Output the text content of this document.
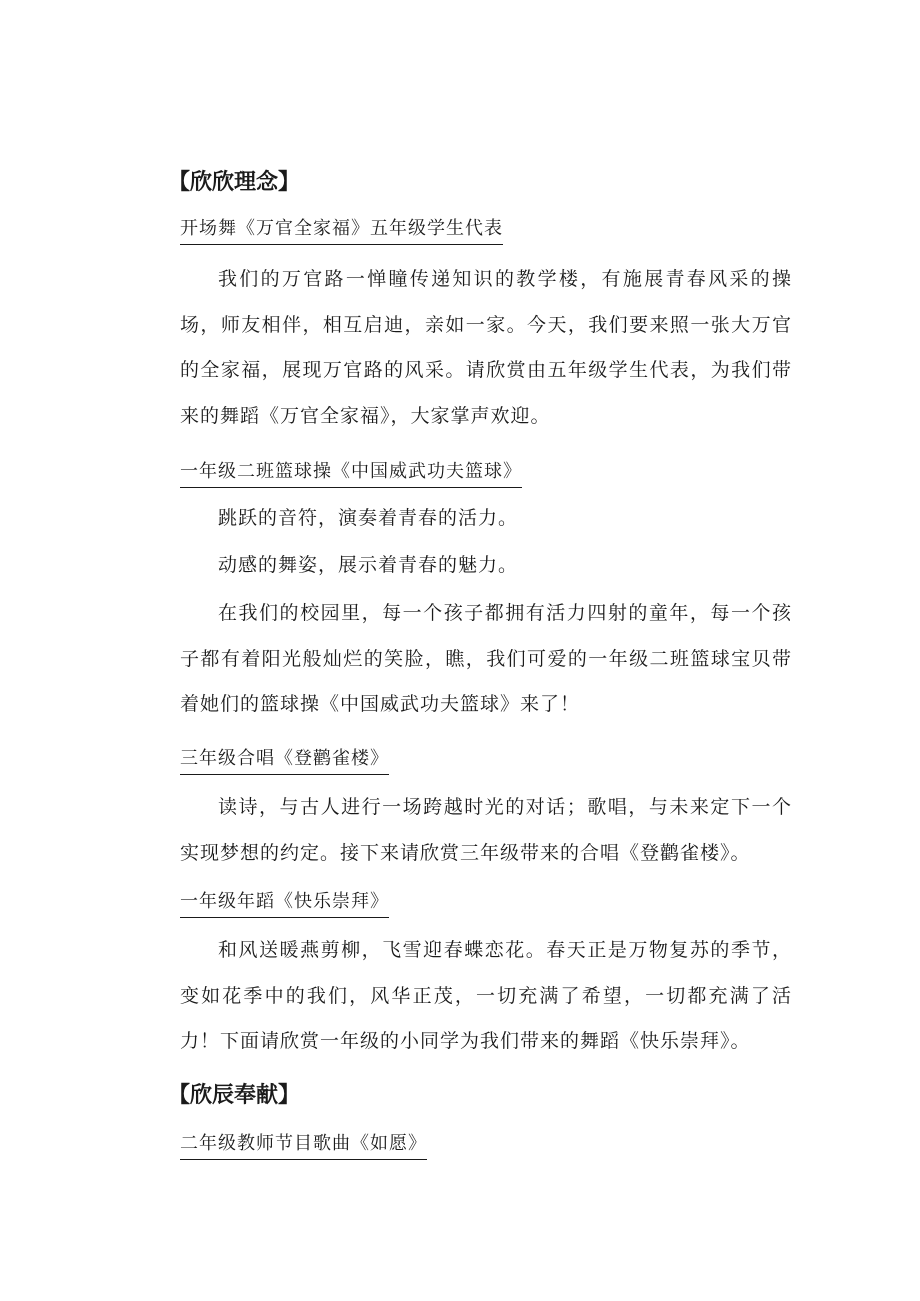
【欣欣理念】
开场舞《万官全家福》五年级学生代表

我们的万官路一惮瞳传递知识的教学楼，有施展青春风采的操场，师友相伴，相互启迪，亲如一家。今天，我们要来照一张大万官的全家福，展现万官路的风采。请欣赏由五年级学生代表，为我们带来的舞蹈《万官全家福》，大家掌声欢迎。

一年级二班篮球操《中国威武功夫篮球》

跳跃的音符，演奏着青春的活力。

动感的舞姿，展示着青春的魅力。

在我们的校园里，每一个孩子都拥有活力四射的童年，每一个孩子都有着阳光般灿烂的笑脸，瞧，我们可爱的一年级二班篮球宝贝带着她们的篮球操《中国威武功夫篮球》来了！

三年级合唱《登鹳雀楼》

读诗，与古人进行一场跨越时光的对话；歌唱，与未来定下一个实现梦想的约定。接下来请欣赏三年级带来的合唱《登鹳雀楼》。

一年级年蹈《快乐崇拜》

和风送暖燕剪柳，飞雪迎春蝶恋花。春天正是万物复苏的季节，变如花季中的我们，风华正茂，一切充满了希望，一切都充满了活力！下面请欣赏一年级的小同学为我们带来的舞蹈《快乐崇拜》。

【欣辰奉献】
二年级教师节目歌曲《如愿》
